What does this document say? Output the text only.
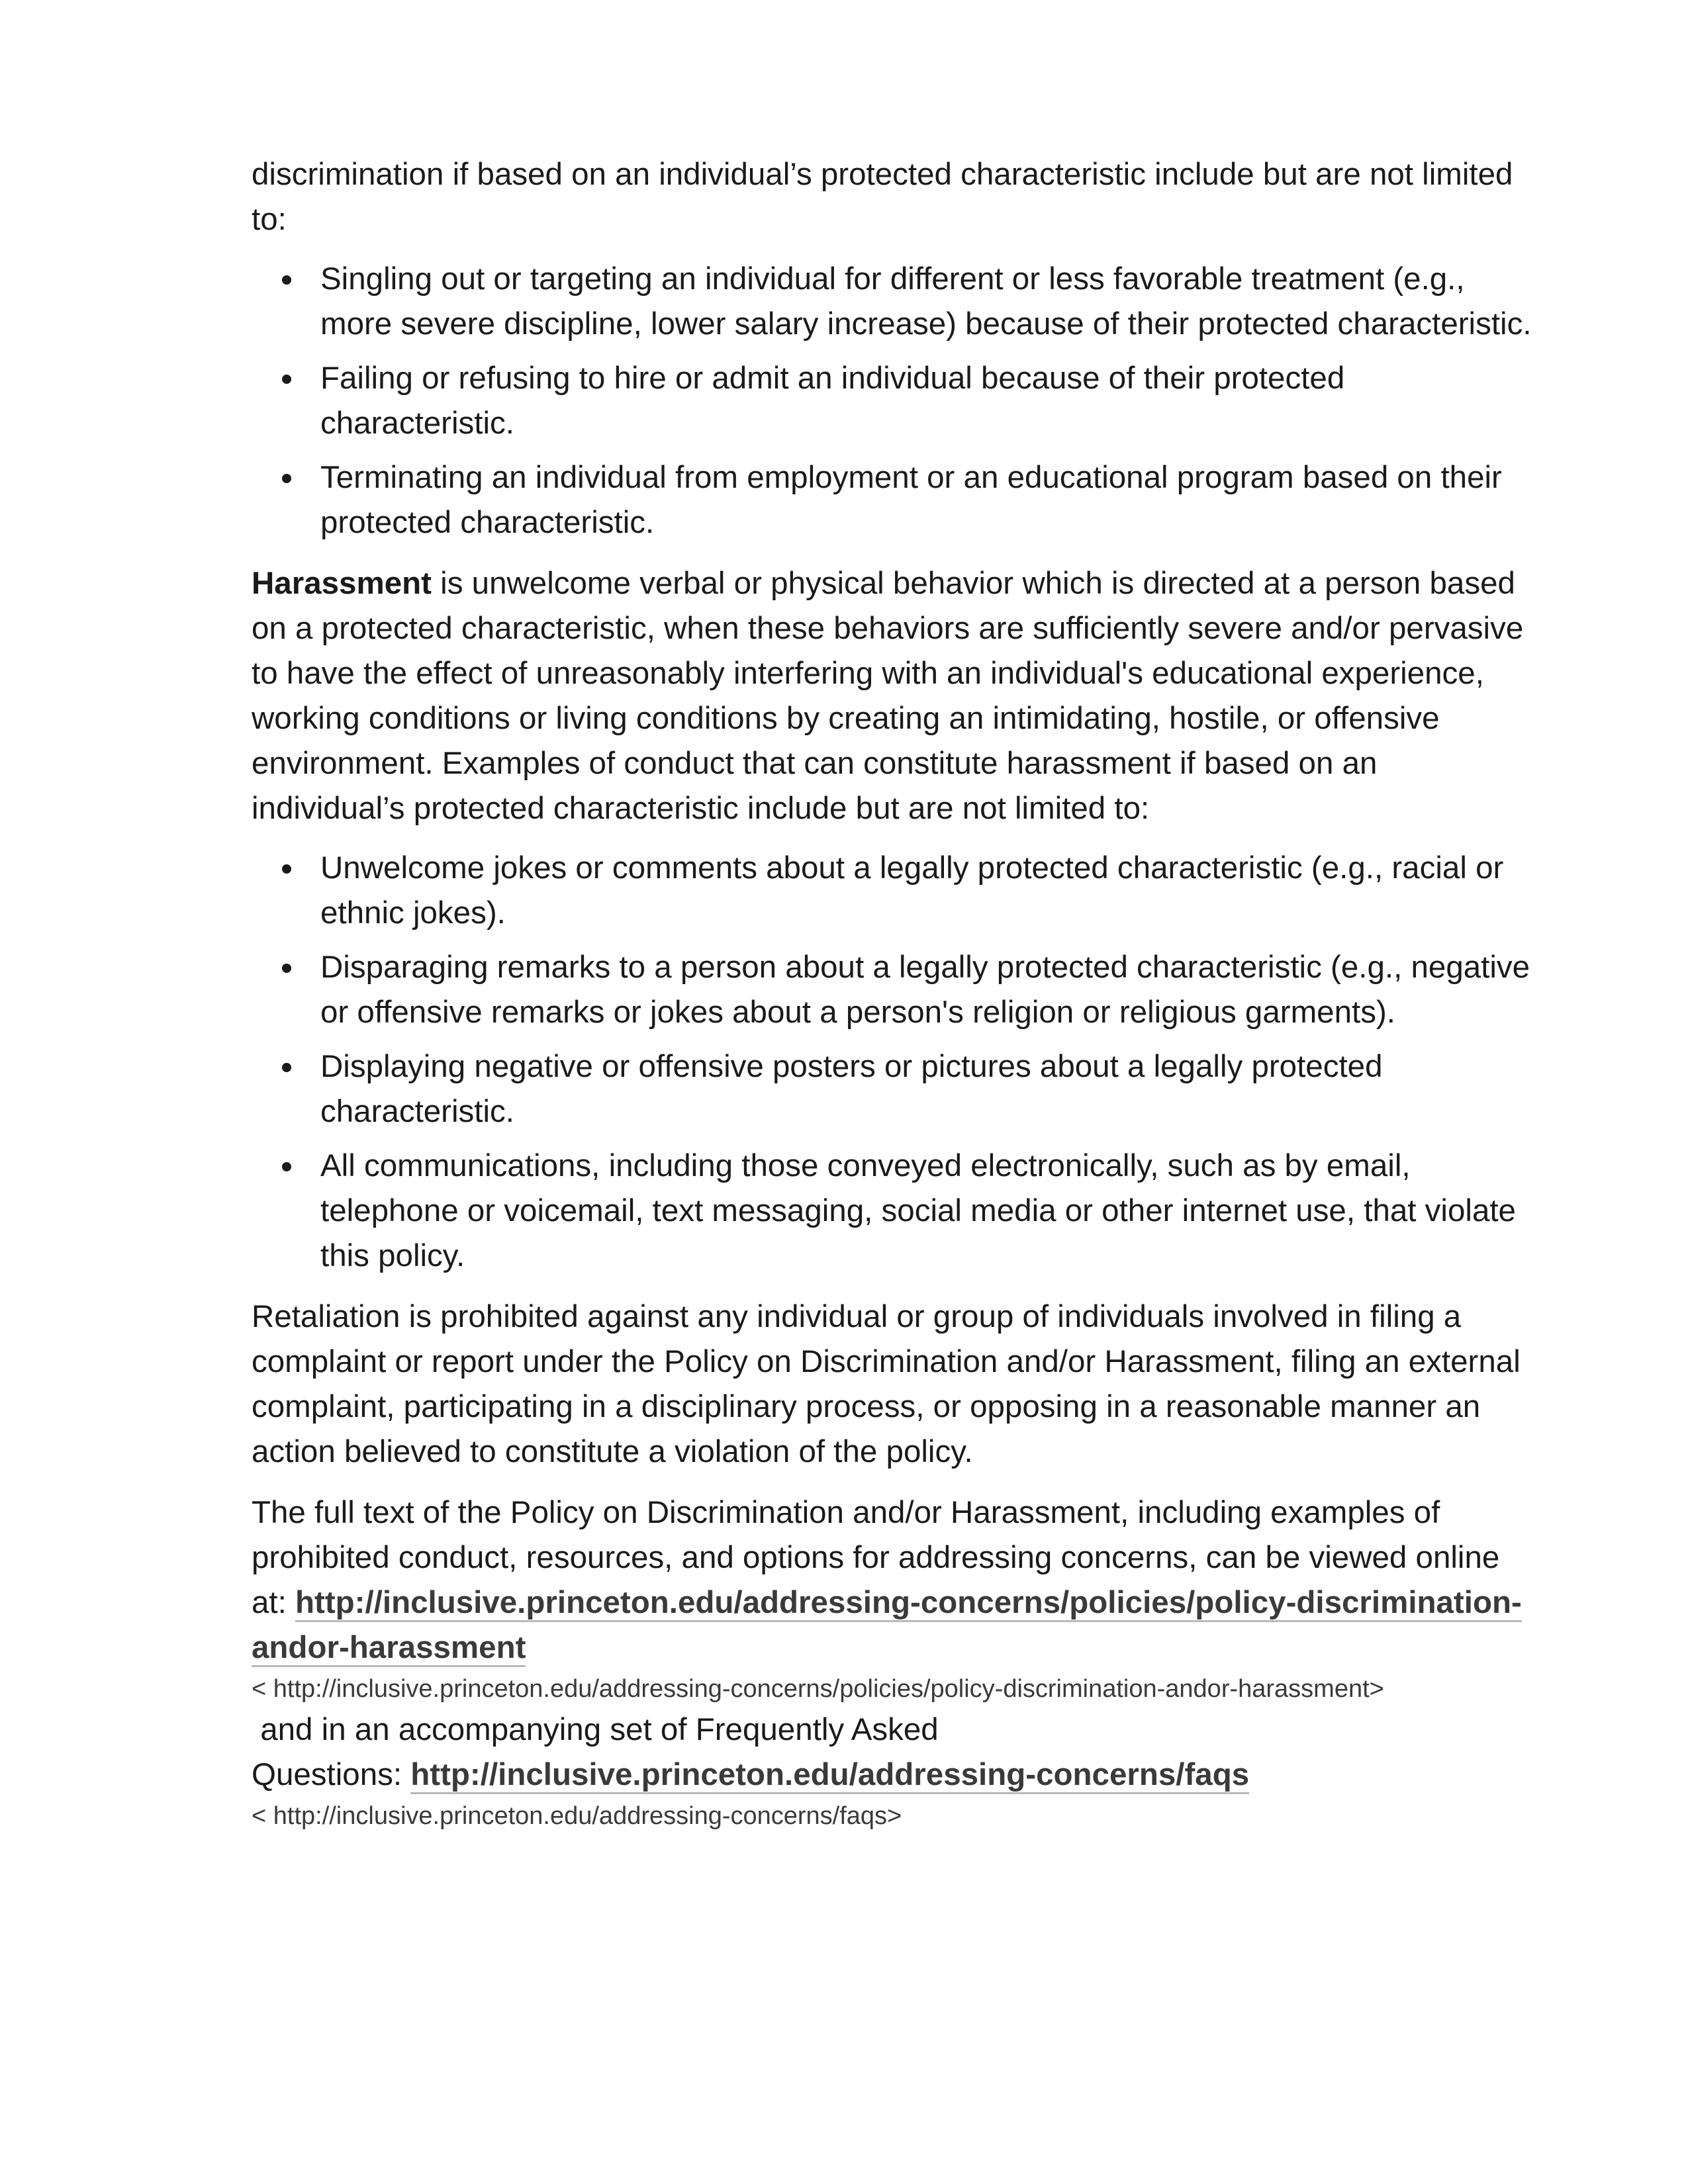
discrimination if based on an individual’s protected characteristic include but are not limited to:

Singling out or targeting an individual for different or less favorable treatment (e.g., more severe discipline, lower salary increase) because of their protected characteristic.
Failing or refusing to hire or admit an individual because of their protected characteristic.
Terminating an individual from employment or an educational program based on their protected characteristic.

Harassment is unwelcome verbal or physical behavior which is directed at a person based on a protected characteristic, when these behaviors are sufficiently severe and/or pervasive to have the effect of unreasonably interfering with an individual's educational experience, working conditions or living conditions by creating an intimidating, hostile, or offensive environment. Examples of conduct that can constitute harassment if based on an individual’s protected characteristic include but are not limited to:

Unwelcome jokes or comments about a legally protected characteristic (e.g., racial or ethnic jokes).
Disparaging remarks to a person about a legally protected characteristic (e.g., negative or offensive remarks or jokes about a person's religion or religious garments).
Displaying negative or offensive posters or pictures about a legally protected characteristic.
All communications, including those conveyed electronically, such as by email, telephone or voicemail, text messaging, social media or other internet use, that violate this policy.

Retaliation is prohibited against any individual or group of individuals involved in filing a complaint or report under the Policy on Discrimination and/or Harassment, filing an external complaint, participating in a disciplinary process, or opposing in a reasonable manner an action believed to constitute a violation of the policy.

The full text of the Policy on Discrimination and/or Harassment, including examples of prohibited conduct, resources, and options for addressing concerns, can be viewed online at: http://inclusive.princeton.edu/addressing-concerns/policies/policy-discrimination-andor-harassment

< http://inclusive.princeton.edu/addressing-concerns/policies/policy-discrimination-andor-harassment>
and in an accompanying set of Frequently Asked
Questions: http://inclusive.princeton.edu/addressing-concerns/faqs
< http://inclusive.princeton.edu/addressing-concerns/faqs>
